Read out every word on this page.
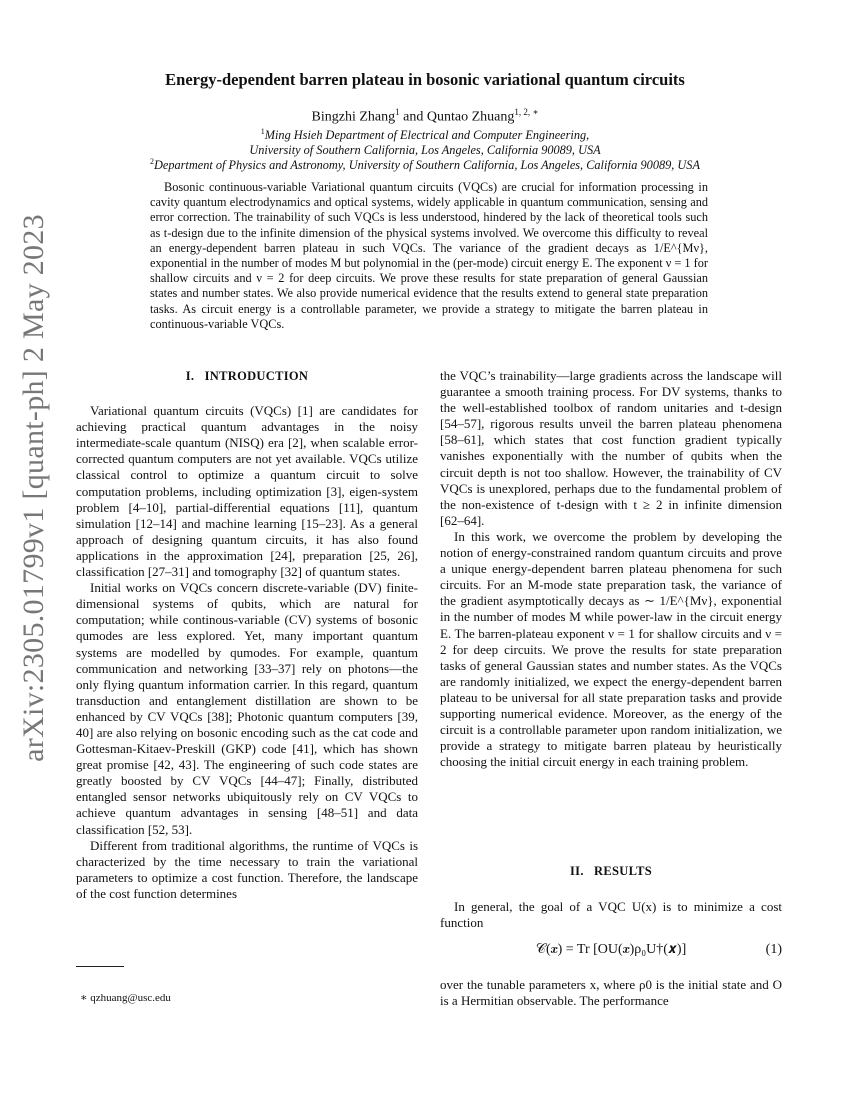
arXiv:2305.01799v1 [quant-ph] 2 May 2023
Energy-dependent barren plateau in bosonic variational quantum circuits
Bingzhi Zhang$^1$ and Quntao Zhuang$^{1, 2, ∗}$
$^1$Ming Hsieh Department of Electrical and Computer Engineering,
University of Southern California, Los Angeles, California 90089, USA
$^2$Department of Physics and Astronomy, University of Southern California, Los Angeles, California 90089, USA

Bosonic continuous-variable Variational quantum circuits (VQCs) are crucial for information processing in cavity quantum electrodynamics and optical systems, widely applicable in quantum communication, sensing and error correction. The trainability of such VQCs is less understood, hindered by the lack of theoretical tools such as t-design due to the infinite dimension of the physical systems involved. We overcome this difficulty to reveal an energy-dependent barren plateau in such VQCs. The variance of the gradient decays as 1/E^{Mν}, exponential in the number of modes M but polynomial in the (per-mode) circuit energy E. The exponent ν = 1 for shallow circuits and ν = 2 for deep circuits. We prove these results for state preparation of general Gaussian states and number states. We also provide numerical evidence that the results extend to general state preparation tasks. As circuit energy is a controllable parameter, we provide a strategy to mitigate the barren plateau in continuous-variable VQCs.

I.   INTRODUCTION

Variational quantum circuits (VQCs) [1] are candidates for achieving practical quantum advantages in the noisy intermediate-scale quantum (NISQ) era [2], when scalable error-corrected quantum computers are not yet available. VQCs utilize classical control to optimize a quantum circuit to solve computation problems, including optimization [3], eigen-system problem [4–10], partial-differential equations [11], quantum simulation [12–14] and machine learning [15–23]. As a general approach of designing quantum circuits, it has also found applications in the approximation [24], preparation [25, 26], classification [27–31] and tomography [32] of quantum states.

Initial works on VQCs concern discrete-variable (DV) finite-dimensional systems of qubits, which are natural for computation; while continous-variable (CV) systems of bosonic qumodes are less explored. Yet, many important quantum systems are modelled by qumodes. For example, quantum communication and networking [33–37] rely on photons—the only flying quantum information carrier. In this regard, quantum transduction and entanglement distillation are shown to be enhanced by CV VQCs [38]; Photonic quantum computers [39, 40] are also relying on bosonic encoding such as the cat code and Gottesman-Kitaev-Preskill (GKP) code [41], which has shown great promise [42, 43]. The engineering of such code states are greatly boosted by CV VQCs [44–47]; Finally, distributed entangled sensor networks ubiquitously rely on CV VQCs to achieve quantum advantages in sensing [48–51] and data classification [52, 53].

Different from traditional algorithms, the runtime of VQCs is characterized by the time necessary to train the variational parameters to optimize a cost function. Therefore, the landscape of the cost function determines

the VQC’s trainability—large gradients across the landscape will guarantee a smooth training process. For DV systems, thanks to the well-established toolbox of random unitaries and t-design [54–57], rigorous results unveil the barren plateau phenomena [58–61], which states that cost function gradient typically vanishes exponentially with the number of qubits when the circuit depth is not too shallow. However, the trainability of CV VQCs is unexplored, perhaps due to the fundamental problem of the non-existence of t-design with t ≥ 2 in infinite dimension [62–64].

In this work, we overcome the problem by developing the notion of energy-constrained random quantum circuits and prove a unique energy-dependent barren plateau phenomena for such circuits. For an M-mode state preparation task, the variance of the gradient asymptotically decays as ∼ 1/E^{Mν}, exponential in the number of modes M while power-law in the circuit energy E. The barren-plateau exponent ν = 1 for shallow circuits and ν = 2 for deep circuits. We prove the results for state preparation tasks of general Gaussian states and number states. As the VQCs are randomly initialized, we expect the energy-dependent barren plateau to be universal for all state preparation tasks and provide supporting numerical evidence. Moreover, as the energy of the circuit is a controllable parameter upon random initialization, we provide a strategy to mitigate barren plateau by heuristically choosing the initial circuit energy in each training problem.

II.   RESULTS

In general, the goal of a VQC U(x) is to minimize a cost function

𝒞(𝒙) = Tr [OU(𝒙)ρ₀U†(𝒙)]	(1)

over the tunable parameters x, where ρ0 is the initial state and O is a Hermitian observable. The performance

∗ qzhuang@usc.edu
